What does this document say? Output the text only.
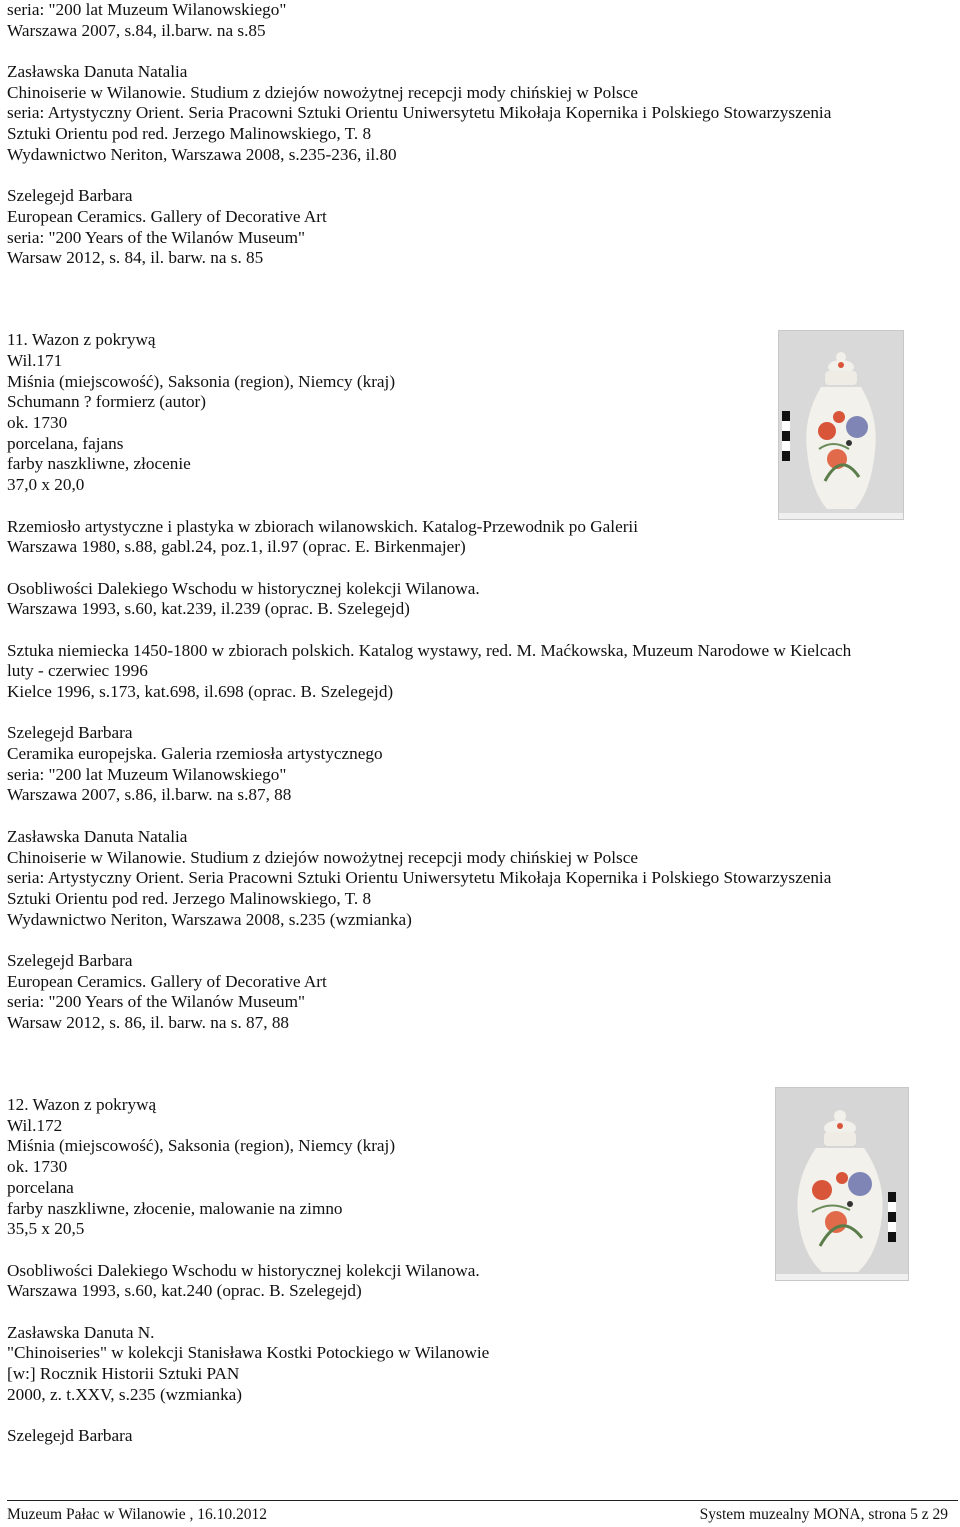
seria: "200 lat Muzeum Wilanowskiego"
Warszawa 2007, s.84, il.barw. na s.85
Zasławska Danuta Natalia
Chinoiserie w Wilanowie. Studium z dziejów nowożytnej recepcji mody chińskiej w Polsce
seria: Artystyczny Orient. Seria Pracowni Sztuki Orientu Uniwersytetu Mikołaja Kopernika i Polskiego Stowarzyszenia
Sztuki Orientu pod red. Jerzego Malinowskiego, T. 8
Wydawnictwo Neriton, Warszawa 2008, s.235-236, il.80
Szelegejd Barbara
European Ceramics. Gallery of Decorative Art
seria: "200 Years of the Wilanów Museum"
Warsaw 2012, s. 84, il. barw. na s. 85
11. Wazon z pokrywą
Wil.171
Miśnia (miejscowość), Saksonia (region), Niemcy (kraj)
Schumann ? formierz (autor)
ok. 1730
porcelana, fajans
farby naszkliwne, złocenie
37,0 x 20,0
Rzemiosło artystyczne i plastyka w zbiorach wilanowskich. Katalog-Przewodnik po Galerii
Warszawa 1980, s.88, gabl.24, poz.1, il.97 (oprac. E. Birkenmajer)
Osobliwości Dalekiego Wschodu w historycznej kolekcji Wilanowa.
Warszawa 1993, s.60, kat.239, il.239 (oprac. B. Szelegejd)
Sztuka niemiecka 1450-1800 w zbiorach polskich. Katalog wystawy, red. M. Maćkowska, Muzeum Narodowe w Kielcach
luty - czerwiec 1996
Kielce 1996, s.173, kat.698, il.698 (oprac. B. Szelegejd)
Szelegejd Barbara
Ceramika europejska. Galeria rzemiosła artystycznego
seria: "200 lat Muzeum Wilanowskiego"
Warszawa 2007, s.86, il.barw. na s.87, 88
Zasławska Danuta Natalia
Chinoiserie w Wilanowie. Studium z dziejów nowożytnej recepcji mody chińskiej w Polsce
seria: Artystyczny Orient. Seria Pracowni Sztuki Orientu Uniwersytetu Mikołaja Kopernika i Polskiego Stowarzyszenia
Sztuki Orientu pod red. Jerzego Malinowskiego, T. 8
Wydawnictwo Neriton, Warszawa 2008, s.235 (wzmianka)
Szelegejd Barbara
European Ceramics. Gallery of Decorative Art
seria: "200 Years of the Wilanów Museum"
Warsaw 2012, s. 86, il. barw. na s. 87, 88
12. Wazon z pokrywą
Wil.172
Miśnia (miejscowość), Saksonia (region), Niemcy (kraj)
ok. 1730
porcelana
farby naszkliwne, złocenie, malowanie na zimno
35,5 x 20,5
Osobliwości Dalekiego Wschodu w historycznej kolekcji Wilanowa.
Warszawa 1993, s.60, kat.240 (oprac. B. Szelegejd)
Zasławska Danuta N.
"Chinoiseries" w kolekcji Stanisława Kostki Potockiego w Wilanowie
[w:] Rocznik Historii Sztuki PAN
2000, z. t.XXV, s.235 (wzmianka)
Szelegejd Barbara
Muzeum Pałac w Wilanowie , 16.10.2012	System muzealny MONA, strona 5 z 29
